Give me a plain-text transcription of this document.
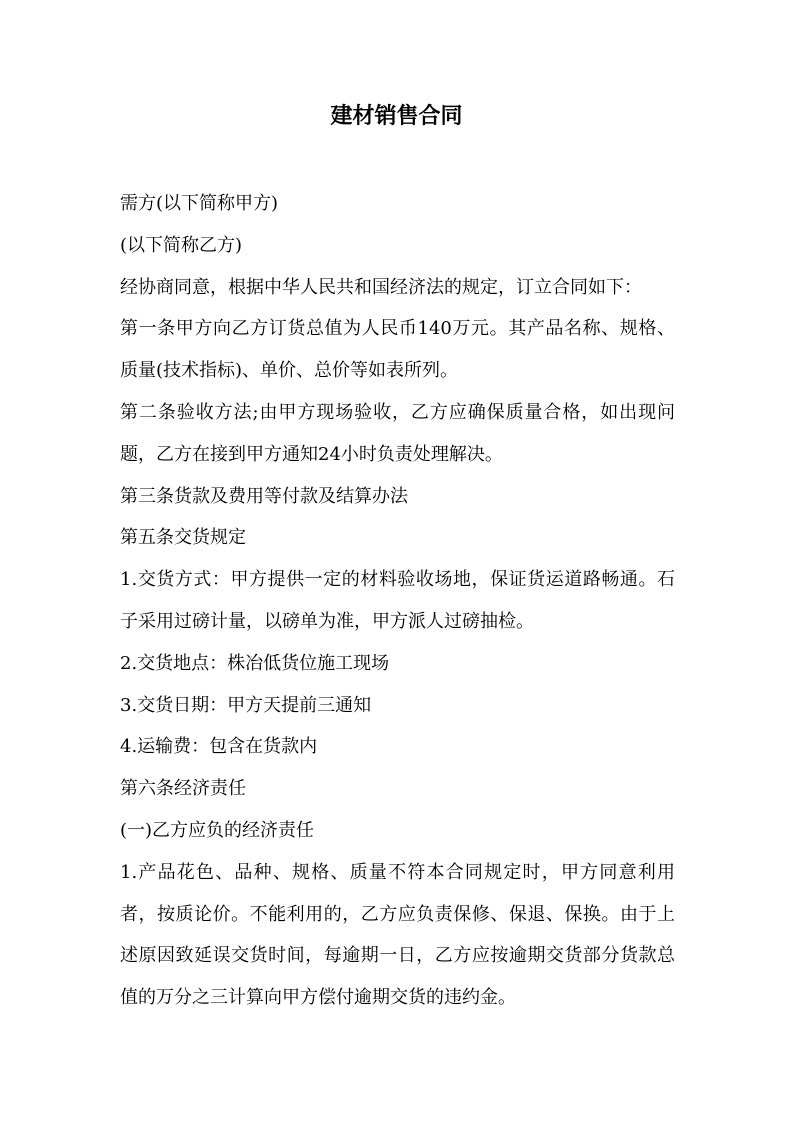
建材销售合同

需方(以下简称甲方)

(以下简称乙方)

经协商同意，根据中华人民共和国经济法的规定，订立合同如下：

第一条甲方向乙方订货总值为人民币140万元。其产品名称、规格、质量(技术指标)、单价、总价等如表所列。

第二条验收方法;由甲方现场验收，乙方应确保质量合格，如出现问题，乙方在接到甲方通知24小时负责处理解决。

第三条货款及费用等付款及结算办法

第五条交货规定

1.交货方式：甲方提供一定的材料验收场地，保证货运道路畅通。石子采用过磅计量，以磅单为准，甲方派人过磅抽检。

2.交货地点：株冶低货位施工现场

3.交货日期：甲方天提前三通知

4.运输费：包含在货款内

第六条经济责任

(一)乙方应负的经济责任

1.产品花色、品种、规格、质量不符本合同规定时，甲方同意利用者，按质论价。不能利用的，乙方应负责保修、保退、保换。由于上述原因致延误交货时间，每逾期一日，乙方应按逾期交货部分货款总值的万分之三计算向甲方偿付逾期交货的违约金。
